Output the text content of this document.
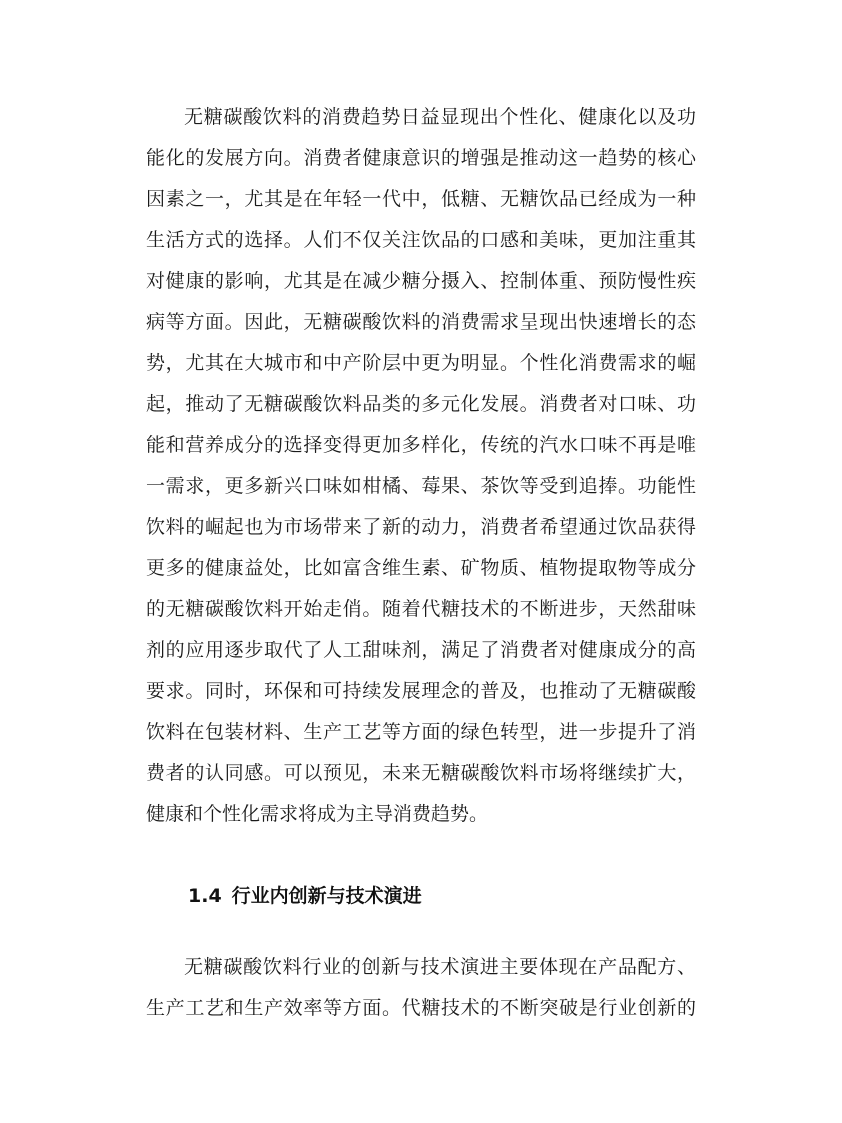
无糖碳酸饮料的消费趋势日益显现出个性化、健康化以及功
能化的发展方向。消费者健康意识的增强是推动这一趋势的核心
因素之一，尤其是在年轻一代中，低糖、无糖饮品已经成为一种
生活方式的选择。人们不仅关注饮品的口感和美味，更加注重其
对健康的影响，尤其是在减少糖分摄入、控制体重、预防慢性疾
病等方面。因此，无糖碳酸饮料的消费需求呈现出快速增长的态
势，尤其在大城市和中产阶层中更为明显。个性化消费需求的崛
起，推动了无糖碳酸饮料品类的多元化发展。消费者对口味、功
能和营养成分的选择变得更加多样化，传统的汽水口味不再是唯
一需求，更多新兴口味如柑橘、莓果、茶饮等受到追捧。功能性
饮料的崛起也为市场带来了新的动力，消费者希望通过饮品获得
更多的健康益处，比如富含维生素、矿物质、植物提取物等成分
的无糖碳酸饮料开始走俏。随着代糖技术的不断进步，天然甜味
剂的应用逐步取代了人工甜味剂，满足了消费者对健康成分的高
要求。同时，环保和可持续发展理念的普及，也推动了无糖碳酸
饮料在包装材料、生产工艺等方面的绿色转型，进一步提升了消
费者的认同感。可以预见，未来无糖碳酸饮料市场将继续扩大，
健康和个性化需求将成为主导消费趋势。
1.4 行业内创新与技术演进
无糖碳酸饮料行业的创新与技术演进主要体现在产品配方、
生产工艺和生产效率等方面。代糖技术的不断突破是行业创新的
